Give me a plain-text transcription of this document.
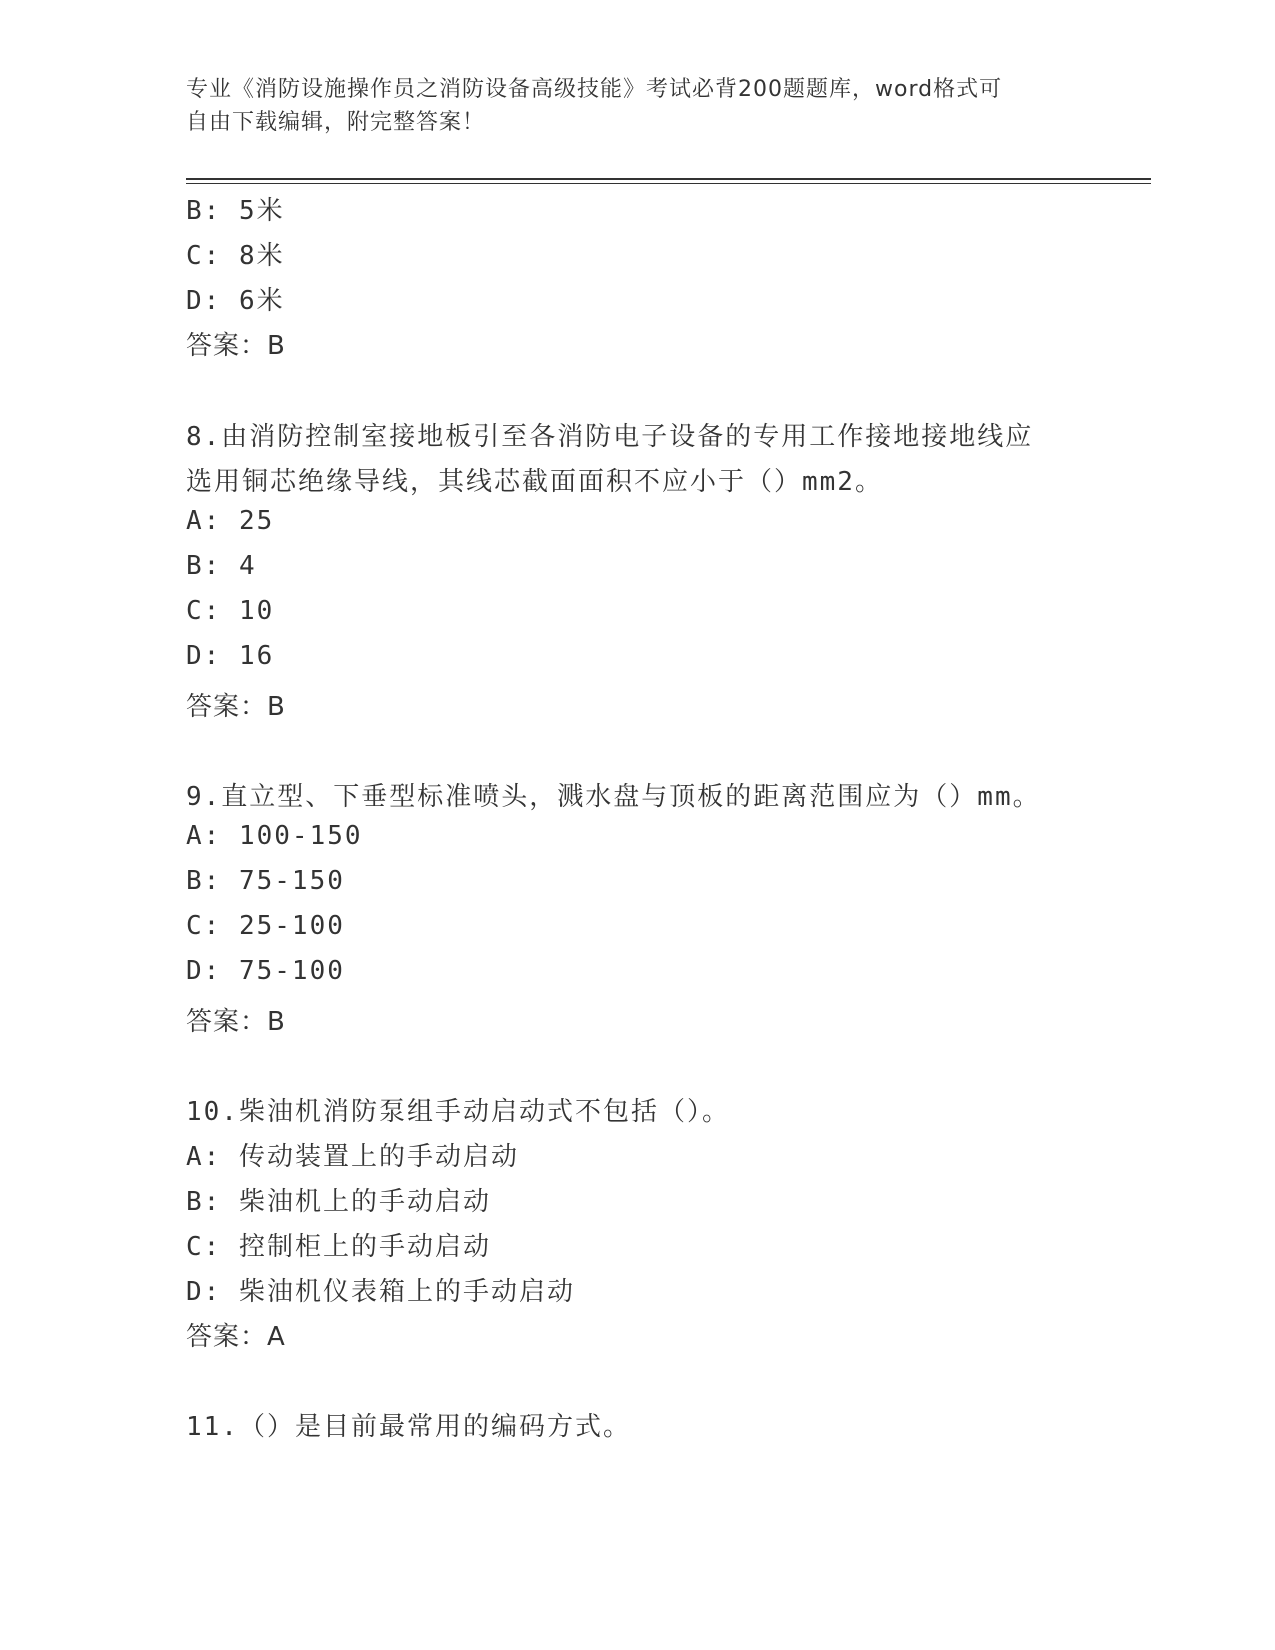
专业《消防设施操作员之消防设备高级技能》考试必背200题题库，word格式可
自由下载编辑，附完整答案！
B: 5米
C: 8米
D: 6米
答案：B
8.由消防控制室接地板引至各消防电子设备的专用工作接地接地线应
选用铜芯绝缘导线，其线芯截面面积不应小于（）mm2。
A: 25
B: 4
C: 10
D: 16
答案：B
9.直立型、下垂型标准喷头，溅水盘与顶板的距离范围应为（）mm。
A: 100-150
B: 75-150
C: 25-100
D: 75-100
答案：B
10.柴油机消防泵组手动启动式不包括（）。
A: 传动装置上的手动启动
B: 柴油机上的手动启动
C: 控制柜上的手动启动
D: 柴油机仪表箱上的手动启动
答案：A
11.（）是目前最常用的编码方式。
